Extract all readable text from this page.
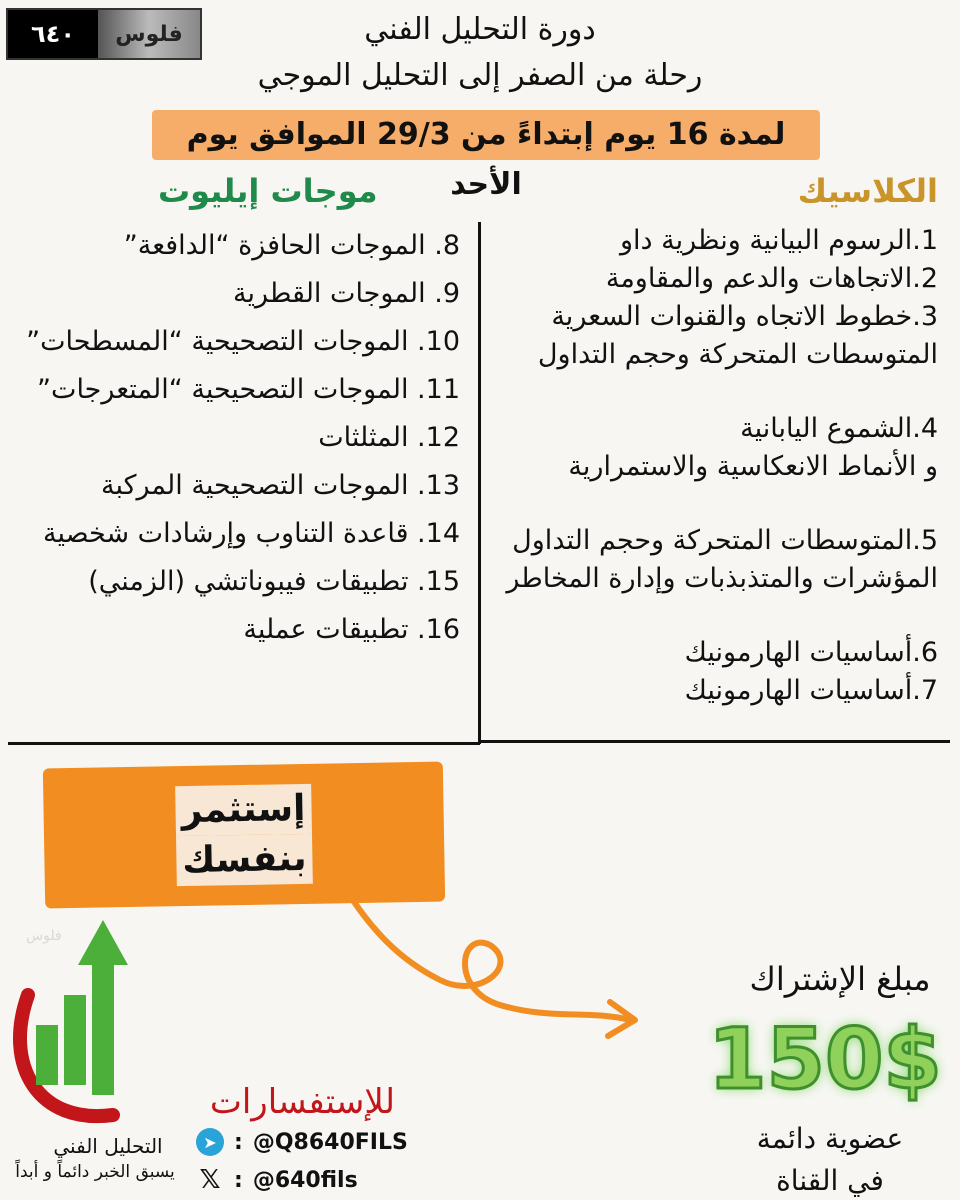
٦٤٠	فلوس	دورة التحليل الفني
رحلة من الصفر إلى التحليل الموجي
لمدة 16 يوم إبتداءً من 29/3 الموافق يوم الأحد	الكلاسيك
موجات إيليوت
1.الرسوم البيانية ونظرية داو
2.الاتجاهات والدعم والمقاومة
3.خطوط الاتجاه والقنوات السعرية
المتوسطات المتحركة وحجم التداول
4.الشموع اليابانية
و الأنماط الانعكاسية والاستمرارية
5.المتوسطات المتحركة وحجم التداول
المؤشرات والمتذبذبات وإدارة المخاطر
6.أساسيات الهارمونيك
7.أساسيات الهارمونيك
8. الموجات الحافزة “الدافعة”
9. الموجات القطرية
10. الموجات التصحيحية “المسطحات”
11. الموجات التصحيحية “المتعرجات”
12. المثلثات
13. الموجات التصحيحية المركبة
14. قاعدة التناوب وإرشادات شخصية
15. تطبيقات فيبوناتشي (الزمني)
16. تطبيقات عملية
إستثمر
بنفسك
مبلغ الإشتراك
150$
عضوية دائمة
في القناة
للإستفسارات
➤ : @Q8640FILS
𝕏 : @640fils
فلوس
التحليل الفني
يسبق الخبر دائماً و أبداً
